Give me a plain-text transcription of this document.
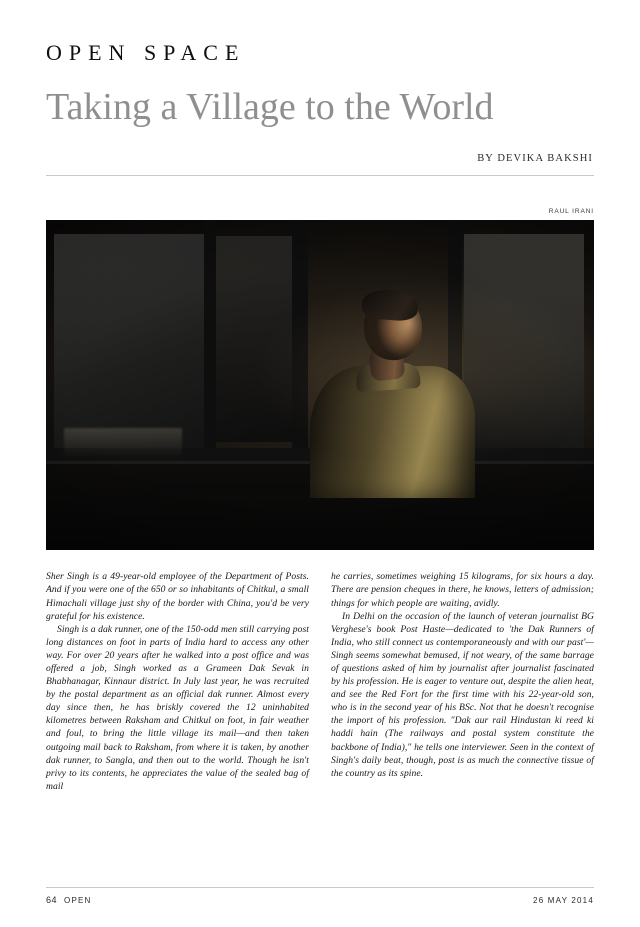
OPEN SPACE
Taking a Village to the World
BY DEVIKA BAKSHI
RAUL IRANI

Sher Singh is a 49-year-old employee of the Department of Posts. And if you were one of the 650 or so inhabitants of Chitkul, a small Himachali village just shy of the border with China, you'd be very grateful for his existence.

Singh is a dak runner, one of the 150-odd men still carrying post long distances on foot in parts of India hard to access any other way. For over 20 years after he walked into a post office and was offered a job, Singh worked as a Grameen Dak Sevak in Bhabhanagar, Kinnaur district. In July last year, he was recruited by the postal department as an official dak runner. Almost every day since then, he has briskly covered the 12 uninhabited kilometres between Raksham and Chitkul on foot, in fair weather and foul, to bring the little village its mail—and then taken outgoing mail back to Raksham, from where it is taken, by another dak runner, to Sangla, and then out to the world. Though he isn't privy to its contents, he appreciates the value of the sealed bag of mail

he carries, sometimes weighing 15 kilograms, for six hours a day. There are pension cheques in there, he knows, letters of admission; things for which people are waiting, avidly.

In Delhi on the occasion of the launch of veteran journalist BG Verghese's book Post Haste—dedicated to 'the Dak Runners of India, who still connect us contemporaneously and with our past'—Singh seems somewhat bemused, if not weary, of the same barrage of questions asked of him by journalist after journalist fascinated by his profession. He is eager to venture out, despite the alien heat, and see the Red Fort for the first time with his 22-year-old son, who is in the second year of his BSc. Not that he doesn't recognise the import of his profession. "Dak aur rail Hindustan ki reed ki haddi hain (The railways and postal system constitute the backbone of India)," he tells one interviewer. Seen in the context of Singh's daily beat, though, post is as much the connective tissue of the country as its spine.

64 OPEN	26 MAY 2014
